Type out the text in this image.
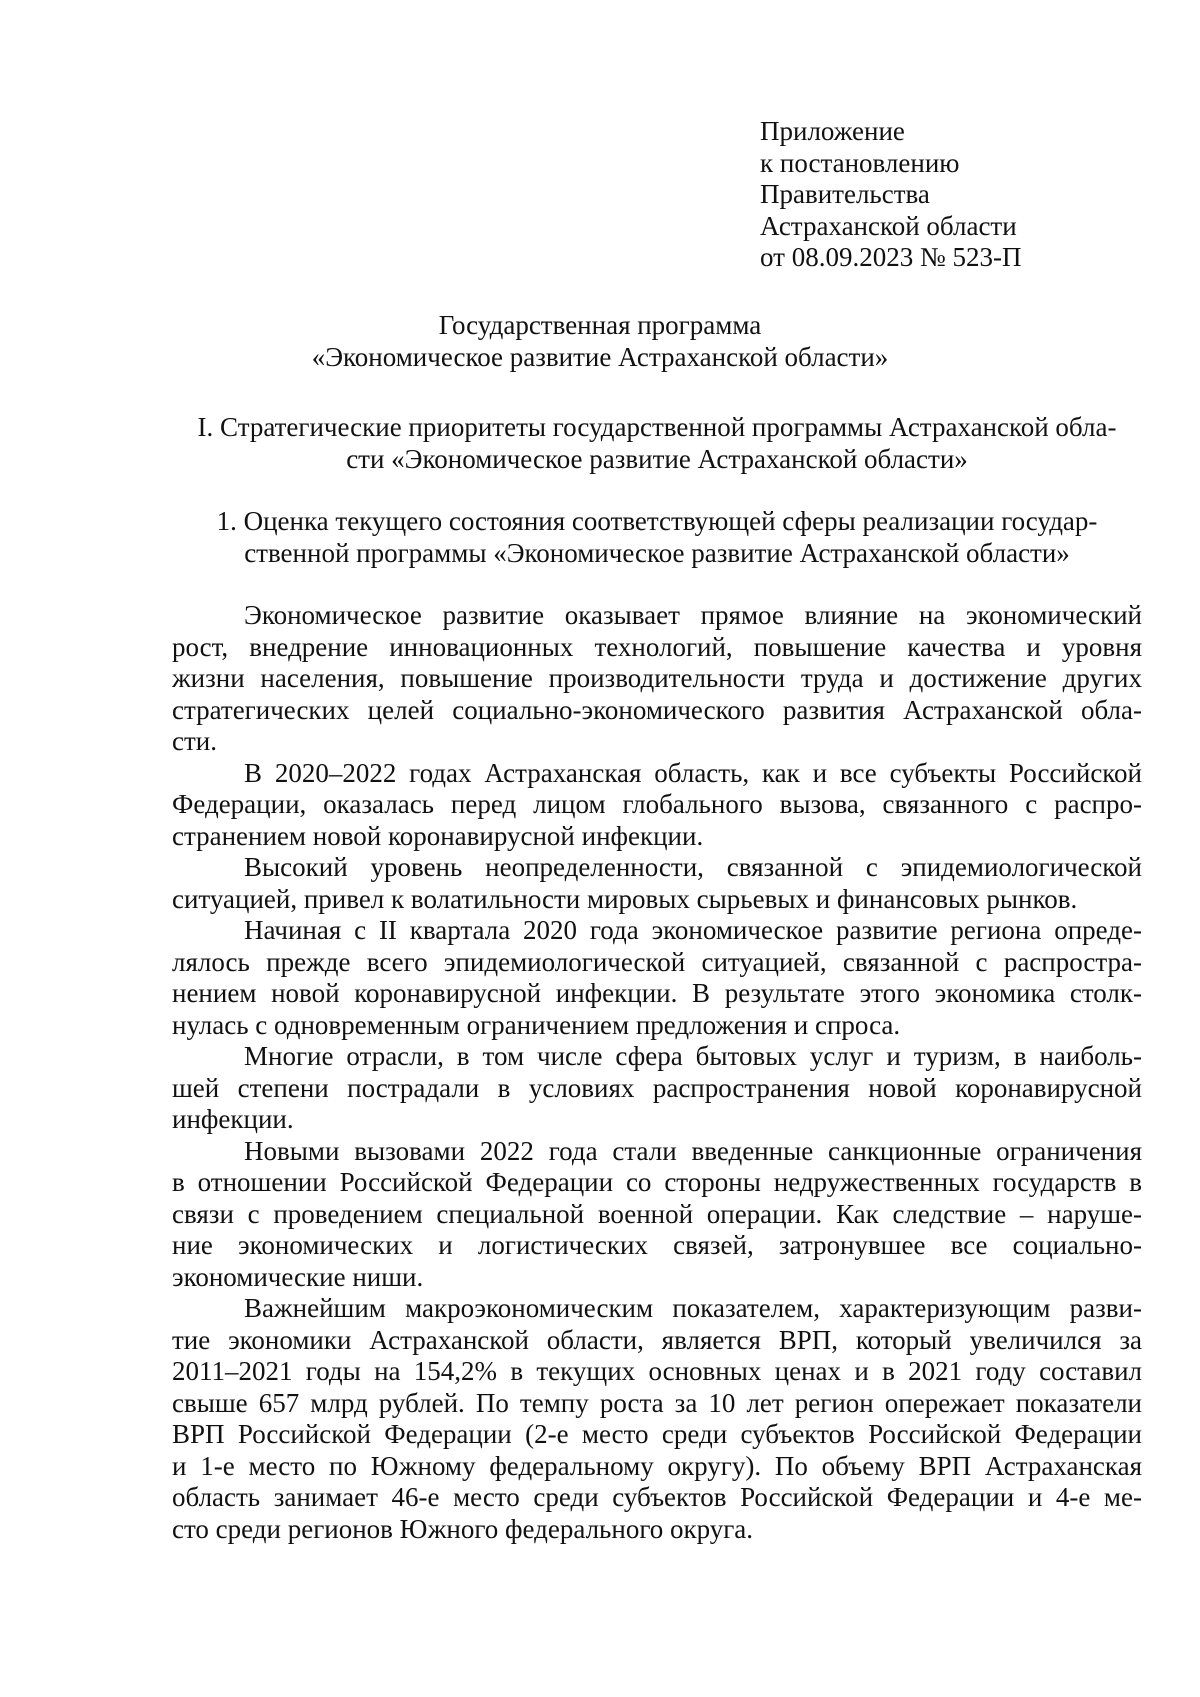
Приложение
к постановлению
Правительства
Астраханской области
от 08.09.2023 № 523-П
Государственная программа
«Экономическое развитие Астраханской области»
I. Стратегические приоритеты государственной программы Астраханской обла-
сти «Экономическое развитие Астраханской области»
1. Оценка текущего состояния соответствующей сферы реализации государ-
ственной программы «Экономическое развитие Астраханской области»
Экономическое развитие оказывает прямое влияние на экономический
рост, внедрение инновационных технологий, повышение качества и уровня
жизни населения, повышение производительности труда и достижение других
стратегических целей социально-экономического развития Астраханской обла-
сти.
В 2020–2022 годах Астраханская область, как и все субъекты Российской
Федерации, оказалась перед лицом глобального вызова, связанного с распро-
странением новой коронавирусной инфекции.
Высокий уровень неопределенности, связанной с эпидемиологической
ситуацией, привел к волатильности мировых сырьевых и финансовых рынков.
Начиная с II квартала 2020 года экономическое развитие региона опреде-
лялось прежде всего эпидемиологической ситуацией, связанной с распростра-
нением новой коронавирусной инфекции. В результате этого экономика столк-
нулась с одновременным ограничением предложения и спроса.
Многие отрасли, в том числе сфера бытовых услуг и туризм, в наиболь-
шей степени пострадали в условиях распространения новой коронавирусной
инфекции.
Новыми вызовами 2022 года стали введенные санкционные ограничения
в отношении Российской Федерации со стороны недружественных государств в
связи с проведением специальной военной операции. Как следствие – наруше-
ние экономических и логистических связей, затронувшее все социально-
экономические ниши.
Важнейшим макроэкономическим показателем, характеризующим разви-
тие экономики Астраханской области, является ВРП, который увеличился за
2011–2021 годы на 154,2% в текущих основных ценах и в 2021 году составил
свыше 657 млрд рублей. По темпу роста за 10 лет регион опережает показатели
ВРП Российской Федерации (2-е место среди субъектов Российской Федерации
и 1-е место по Южному федеральному округу). По объему ВРП Астраханская
область занимает 46-е место среди субъектов Российской Федерации и 4-е ме-
сто среди регионов Южного федерального округа.
